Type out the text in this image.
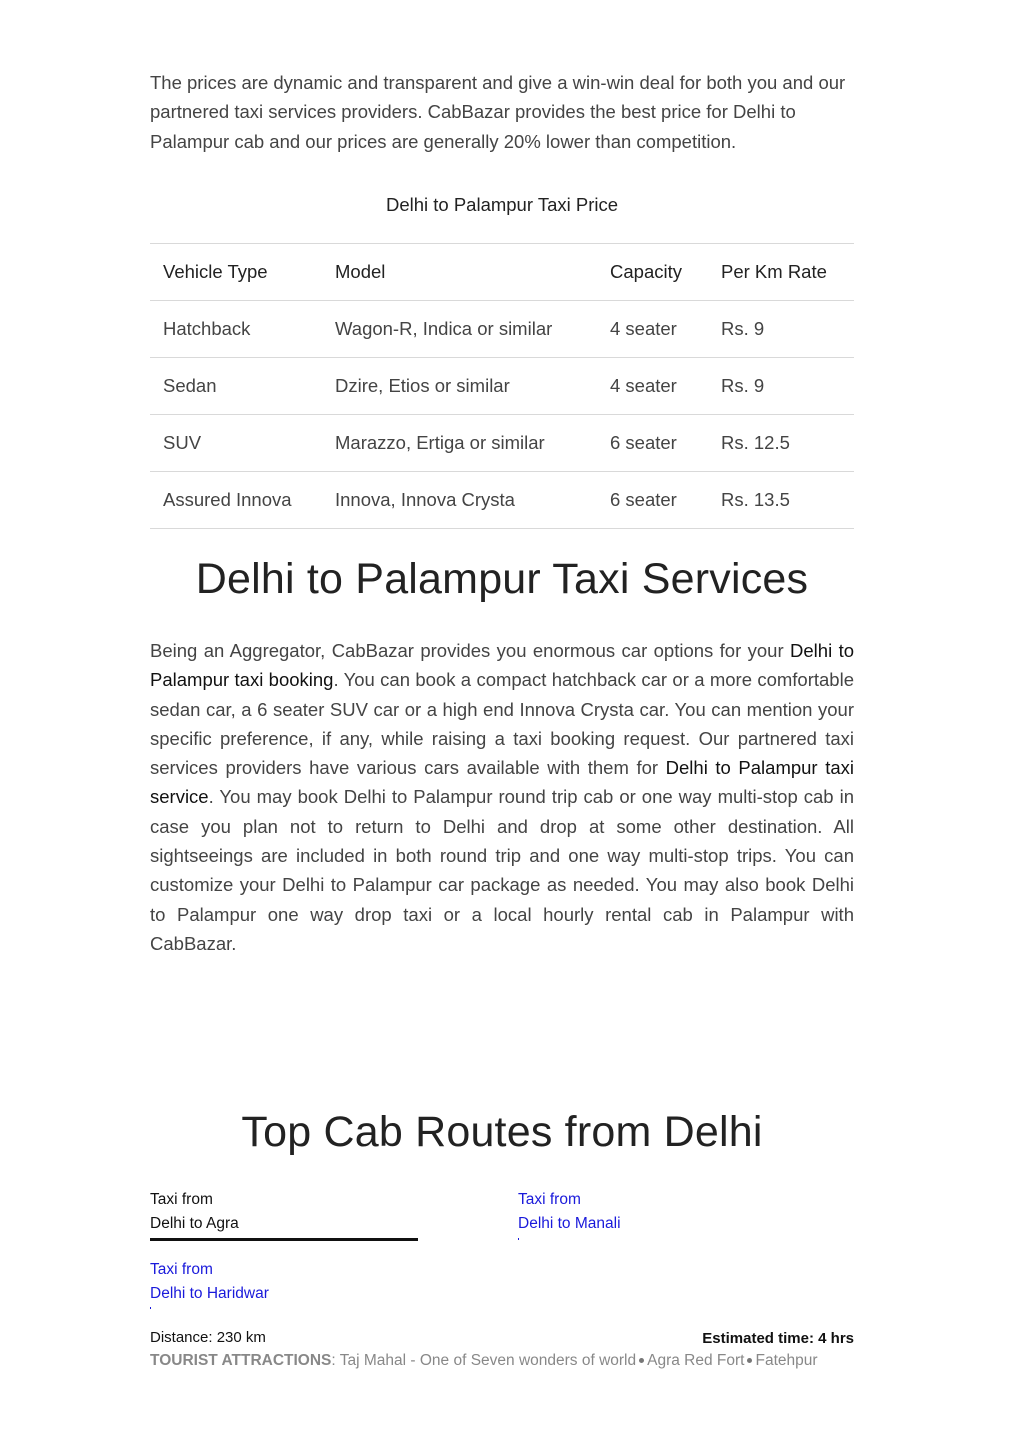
The prices are dynamic and transparent and give a win-win deal for both you and our partnered taxi services providers. CabBazar provides the best price for Delhi to Palampur cab and our prices are generally 20% lower than competition.

Delhi to Palampur Taxi Price
Vehicle Type	Model	Capacity	Per Km Rate
Hatchback	Wagon-R, Indica or similar	4 seater	Rs. 9
Sedan	Dzire, Etios or similar	4 seater	Rs. 9
SUV	Marazzo, Ertiga or similar	6 seater	Rs. 12.5
Assured Innova	Innova, Innova Crysta	6 seater	Rs. 13.5
Delhi to Palampur Taxi Services

Being an Aggregator, CabBazar provides you enormous car options for your Delhi to Palampur taxi booking. You can book a compact hatchback car or a more comfortable sedan car, a 6 seater SUV car or a high end Innova Crysta car. You can mention your specific preference, if any, while raising a taxi booking request. Our partnered taxi services providers have various cars available with them for Delhi to Palampur taxi service. You may book Delhi to Palampur round trip cab or one way multi-stop cab in case you plan not to return to Delhi and drop at some other destination. All sightseeings are included in both round trip and one way multi-stop trips. You can customize your Delhi to Palampur car package as needed. You may also book Delhi to Palampur one way drop taxi or a local hourly rental cab in Palampur with CabBazar.

Top Cab Routes from Delhi
Taxi from
Delhi to Agra
Taxi from
Delhi to Manali
Taxi from
Delhi to Haridwar
Distance: 230 km	Estimated time: 4 hrs
TOURIST ATTRACTIONS: Taj Mahal - One of Seven wonders of world Agra Red Fort Fatehpur
